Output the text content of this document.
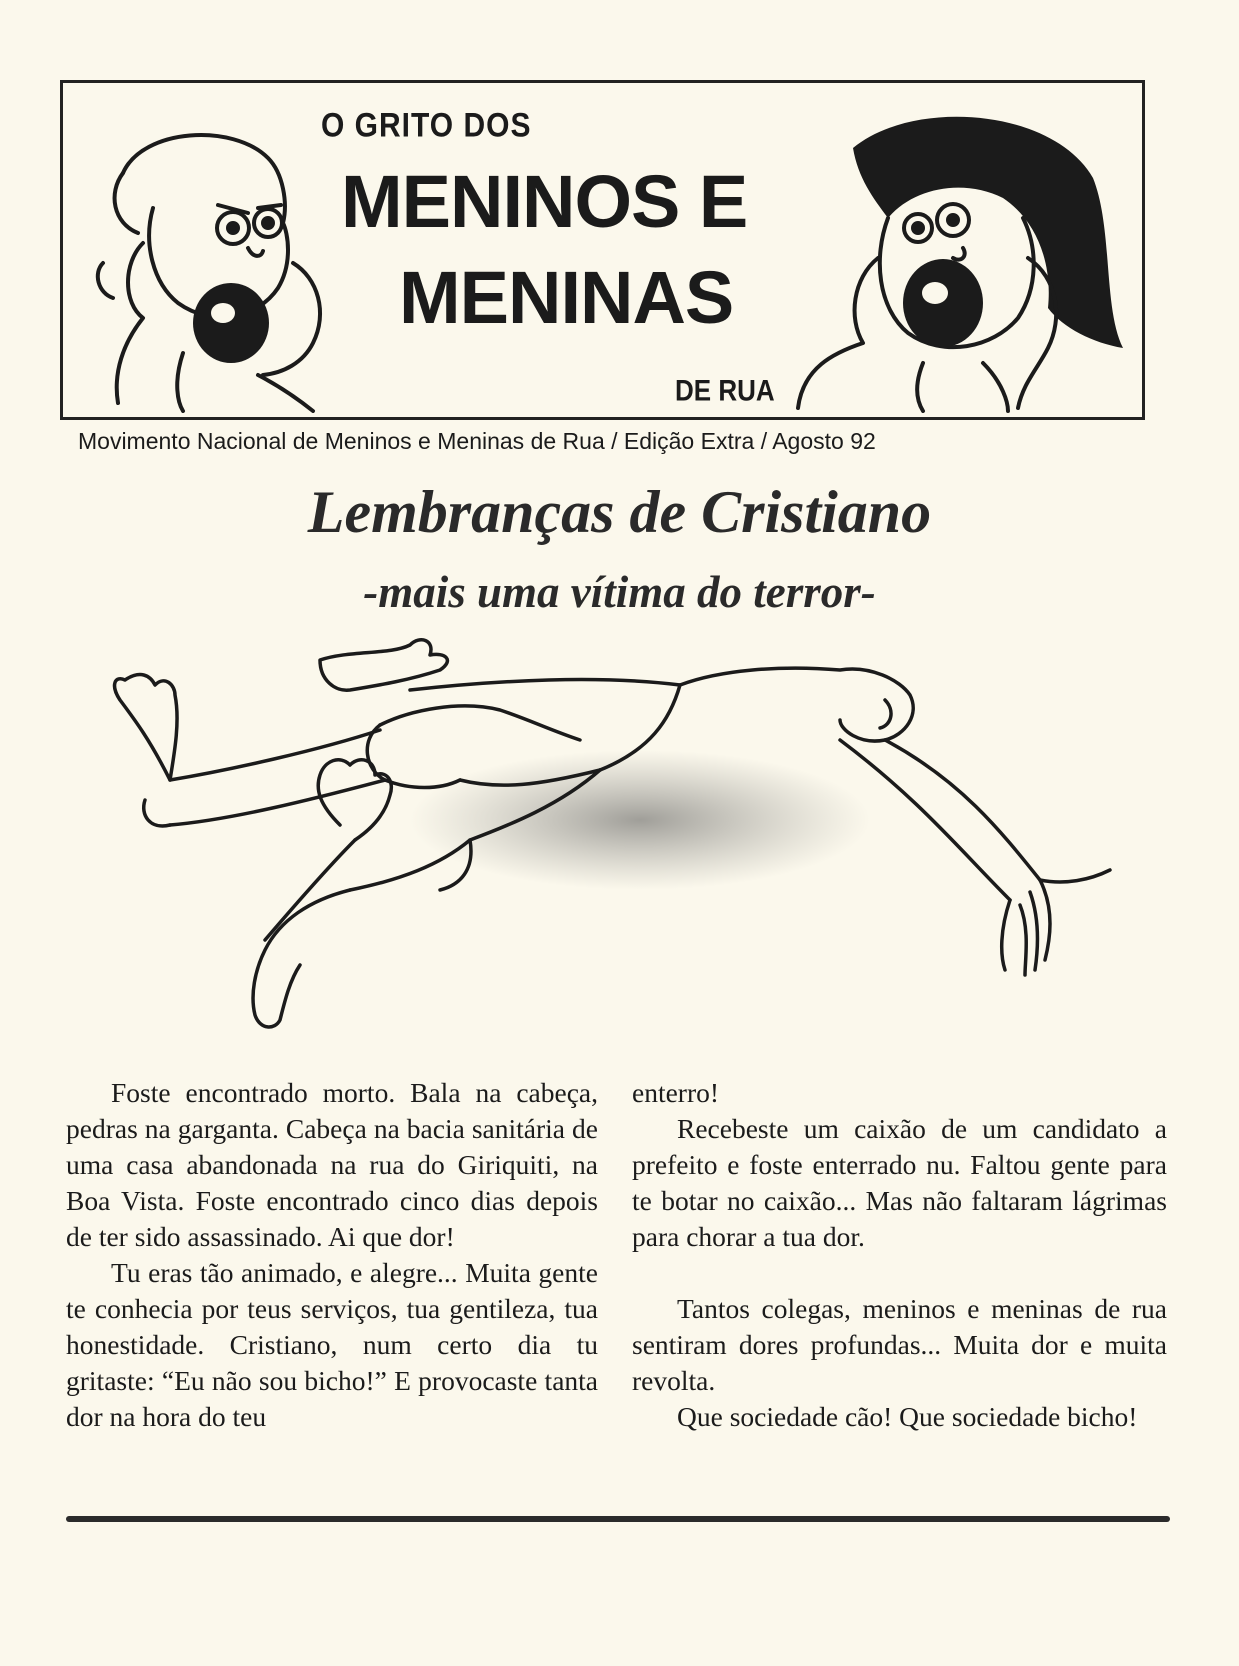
O GRITO DOS
MENINOS E
MENINAS
DE RUA
Movimento Nacional de Meninos e Meninas de Rua / Edição Extra / Agosto 92
Lembranças de Cristiano
-mais uma vítima do terror-

Foste encontrado morto. Bala na cabeça, pedras na garganta. Cabeça na bacia sanitária de uma casa abandonada na rua do Giriquiti, na Boa Vista. Foste encontrado cinco dias depois de ter sido assassinado. Ai que dor!

Tu eras tão animado, e alegre... Muita gente te conhecia por teus serviços, tua gentileza, tua honestidade. Cristiano, num certo dia tu gritaste: “Eu não sou bicho!” E provocaste tanta dor na hora do teu

enterro!

Recebeste um caixão de um candidato a prefeito e foste enterrado nu. Faltou gente para te botar no caixão... Mas não faltaram lágrimas para chorar a tua dor.

Tantos colegas, meninos e meninas de rua sentiram dores profundas... Muita dor e muita revolta.

Que sociedade cão! Que sociedade bicho!
